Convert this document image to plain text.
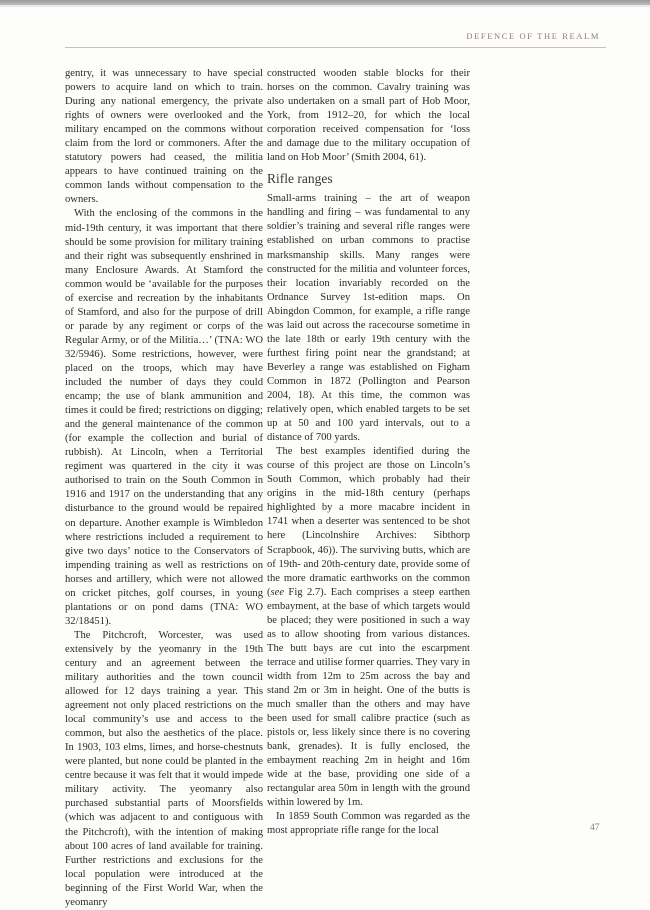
DEFENCE OF THE REALM

gentry, it was unnecessary to have special powers to acquire land on which to train. During any national emergency, the private rights of owners were overlooked and the military encamped on the commons without claim from the lord or commoners. After the statutory powers had ceased, the militia appears to have continued training on the common lands without compensation to the owners.

With the enclosing of the commons in the mid-19th century, it was important that there should be some provision for military training and their right was subsequently enshrined in many Enclosure Awards. At Stamford the common would be ‘available for the purposes of exercise and recreation by the inhabitants of Stamford, and also for the purpose of drill or parade by any regiment or corps of the Regular Army, or of the Militia…’ (TNA: WO 32/5946). Some restrictions, however, were placed on the troops, which may have included the number of days they could encamp; the use of blank ammunition and times it could be fired; restrictions on digging; and the general maintenance of the common (for example the collection and burial of rubbish). At Lincoln, when a Territorial regiment was quartered in the city it was authorised to train on the South Common in 1916 and 1917 on the understanding that any disturbance to the ground would be repaired on departure. Another example is Wimbledon where restrictions included a requirement to give two days’ notice to the Conservators of impending training as well as restrictions on horses and artillery, which were not allowed on cricket pitches, golf courses, in young plantations or on pond dams (TNA: WO 32/18451).

The Pitchcroft, Worcester, was used extensively by the yeomanry in the 19th century and an agreement between the military authorities and the town council allowed for 12 days training a year. This agreement not only placed restrictions on the local community’s use and access to the common, but also the aesthetics of the place. In 1903, 103 elms, limes, and horse-chestnuts were planted, but none could be planted in the centre because it was felt that it would impede military activity. The yeomanry also purchased substantial parts of Moorsfields (which was adjacent to and contiguous with the Pitchcroft), with the intention of making about 100 acres of land available for training. Further restrictions and exclusions for the local population were introduced at the beginning of the First World War, when the yeomanry

constructed wooden stable blocks for their horses on the common. Cavalry training was also undertaken on a small part of Hob Moor, York, from 1912–20, for which the local corporation received compensation for ‘loss and damage due to the military occupation of land on Hob Moor’ (Smith 2004, 61).

Rifle ranges

Small-arms training – the art of weapon handling and firing – was fundamental to any soldier’s training and several rifle ranges were established on urban commons to practise marksmanship skills. Many ranges were constructed for the militia and volunteer forces, their location invariably recorded on the Ordnance Survey 1st-edition maps. On Abingdon Common, for example, a rifle range was laid out across the racecourse sometime in the late 18th or early 19th century with the furthest firing point near the grandstand; at Beverley a range was established on Figham Common in 1872 (Pollington and Pearson 2004, 18). At this time, the common was relatively open, which enabled targets to be set up at 50 and 100 yard intervals, out to a distance of 700 yards.

The best examples identified during the course of this project are those on Lincoln’s South Common, which probably had their origins in the mid-18th century (perhaps highlighted by a more macabre incident in 1741 when a deserter was sentenced to be shot here (Lincolnshire Archives: Sibthorp Scrapbook, 46)). The surviving butts, which are of 19th- and 20th-century date, provide some of the more dramatic earthworks on the common (see Fig 2.7). Each comprises a steep earthen embayment, at the base of which targets would be placed; they were positioned in such a way as to allow shooting from various distances. The butt bays are cut into the escarpment terrace and utilise former quarries. They vary in width from 12m to 25m across the bay and stand 2m or 3m in height. One of the butts is much smaller than the others and may have been used for small calibre practice (such as pistols or, less likely since there is no covering bank, grenades). It is fully enclosed, the embayment reaching 2m in height and 16m wide at the base, providing one side of a rectangular area 50m in length with the ground within lowered by 1m.

In 1859 South Common was regarded as the most appropriate rifle range for the local	47
